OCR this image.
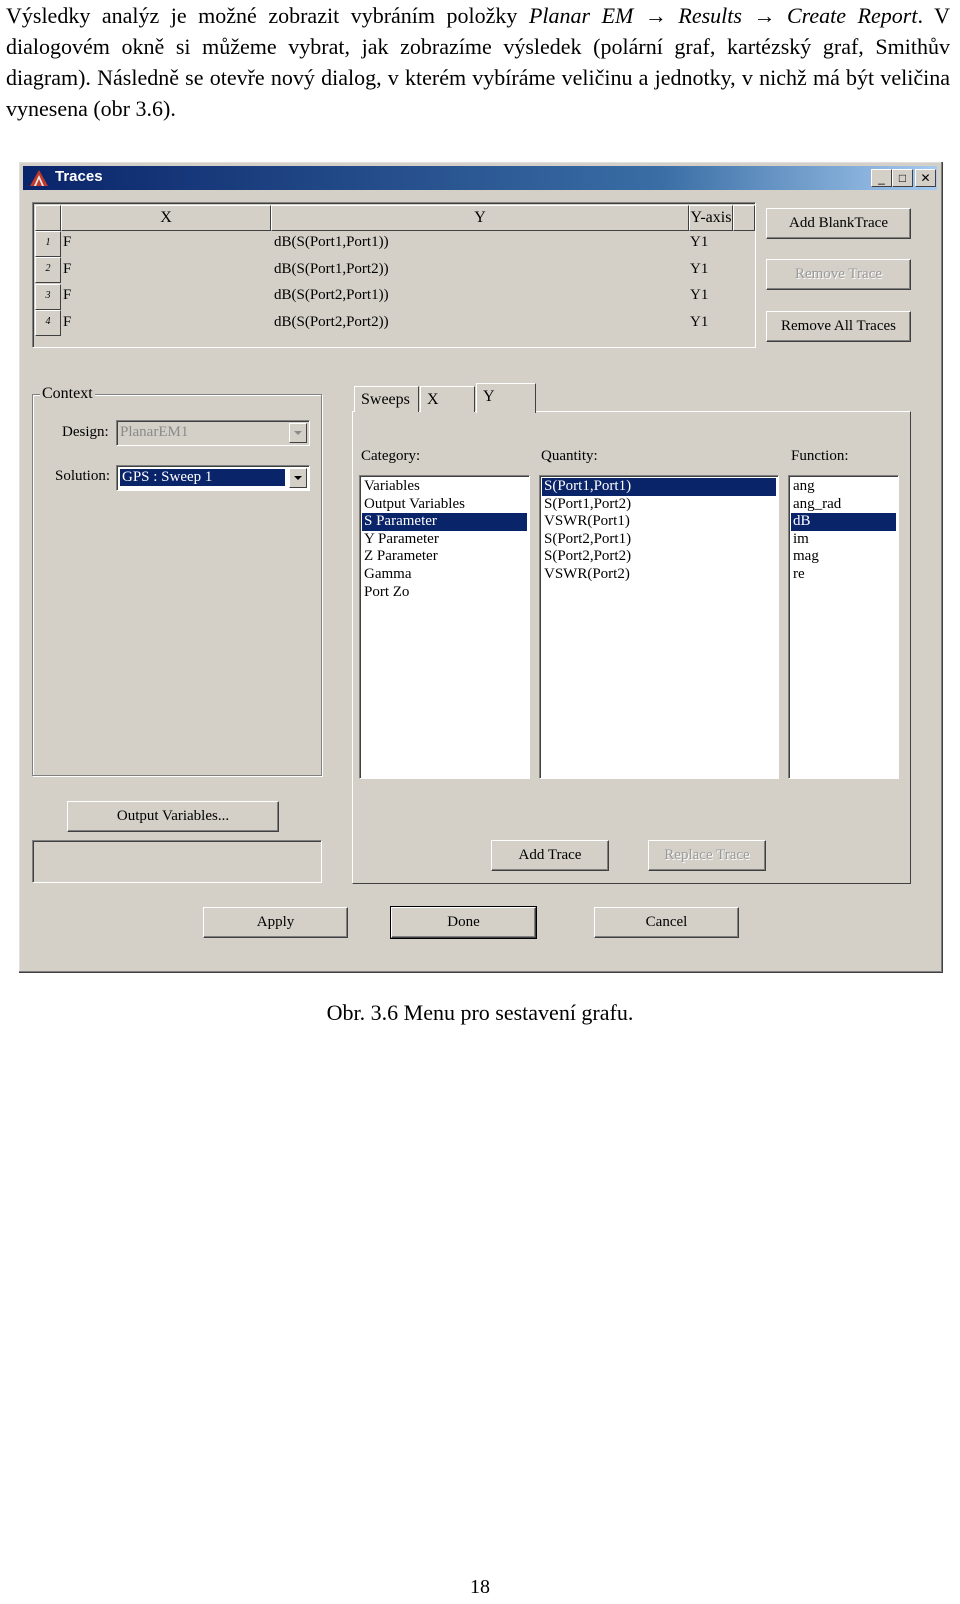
Výsledky analýz je možné zobrazit vybráním položky Planar EM → Results → Create Report. V dialogovém okně si můžeme vybrat, jak zobrazíme výsledek (polární graf, kartézský graf, Smithův diagram). Následně se otevře nový dialog, v kterém vybíráme veličinu a jednotky, v nichž má být veličina vynesena (obr 3.6).
Traces	_	□	✕
X	Y	Y-axis
1 F	dB(S(Port1,Port1))	Y1
2 F	dB(S(Port1,Port2))	Y1
3 F	dB(S(Port2,Port1))	Y1
4 F	dB(S(Port2,Port2))	Y1
Add BlankTrace
Remove Trace
Remove All Traces
Context
Design: PlanarEM1
Solution: GPS : Sweep 1
Output Variables...
Sweeps	X	Y
Category:	Quantity:	Function:
Variables
Output Variables
S Parameter
Y Parameter
Z Parameter
Gamma
Port Zo
S(Port1,Port1)
S(Port1,Port2)
VSWR(Port1)
S(Port2,Port1)
S(Port2,Port2)
VSWR(Port2)
ang
ang_rad
dB
im
mag
re
Add Trace	Replace Trace
Apply	Done	Cancel
Obr. 3.6 Menu pro sestavení grafu.
18
